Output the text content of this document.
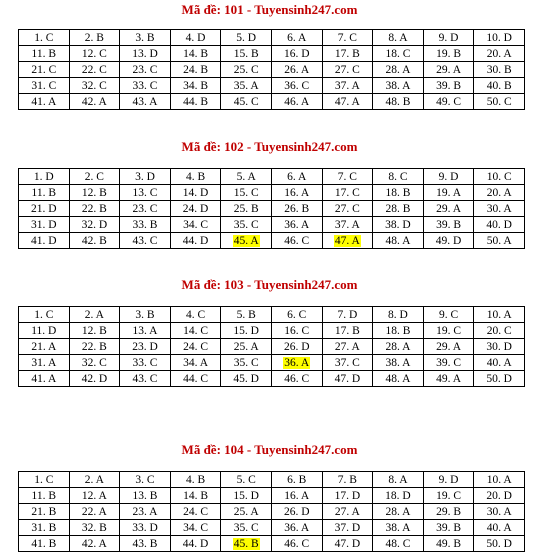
Mã đề: 101 - Tuyensinh247.com
1. C	2. B	3. B	4. D	5. D	6. A	7. C	8. A	9. D	10. D
11. B	12. C	13. D	14. B	15. B	16. D	17. B	18. C	19. B	20. A
21. C	22. C	23. C	24. B	25. C	26. A	27. C	28. A	29. A	30. B
31. C	32. C	33. C	34. B	35. A	36. C	37. A	38. A	39. B	40. B
41. A	42. A	43. A	44. B	45. C	46. A	47. A	48. B	49. C	50. C
Mã đề: 102 - Tuyensinh247.com
1. D	2. C	3. D	4. B	5. A	6. A	7. C	8. C	9. D	10. C
11. B	12. B	13. C	14. D	15. C	16. A	17. C	18. B	19. A	20. A
21. D	22. B	23. C	24. D	25. B	26. B	27. C	28. B	29. A	30. A
31. D	32. D	33. B	34. C	35. C	36. A	37. A	38. D	39. B	40. D
41. D	42. B	43. C	44. D	45. A	46. C	47. A	48. A	49. D	50. A
Mã đề: 103 - Tuyensinh247.com
1. C	2. A	3. B	4. C	5. B	6. C	7. D	8. D	9. C	10. A
11. D	12. B	13. A	14. C	15. D	16. C	17. B	18. B	19. C	20. C
21. A	22. B	23. D	24. C	25. A	26. D	27. A	28. A	29. A	30. D
31. A	32. C	33. C	34. A	35. C	36. A	37. C	38. A	39. C	40. A
41. A	42. D	43. C	44. C	45. D	46. C	47. D	48. A	49. A	50. D
Mã đề: 104 - Tuyensinh247.com
1. C	2. A	3. C	4. B	5. C	6. B	7. B	8. A	9. D	10. A
11. B	12. A	13. B	14. B	15. D	16. A	17. D	18. D	19. C	20. D
21. B	22. A	23. A	24. C	25. A	26. D	27. A	28. A	29. B	30. A
31. B	32. B	33. D	34. C	35. C	36. A	37. D	38. A	39. B	40. A
41. B	42. A	43. B	44. D	45. B	46. C	47. D	48. C	49. B	50. D
